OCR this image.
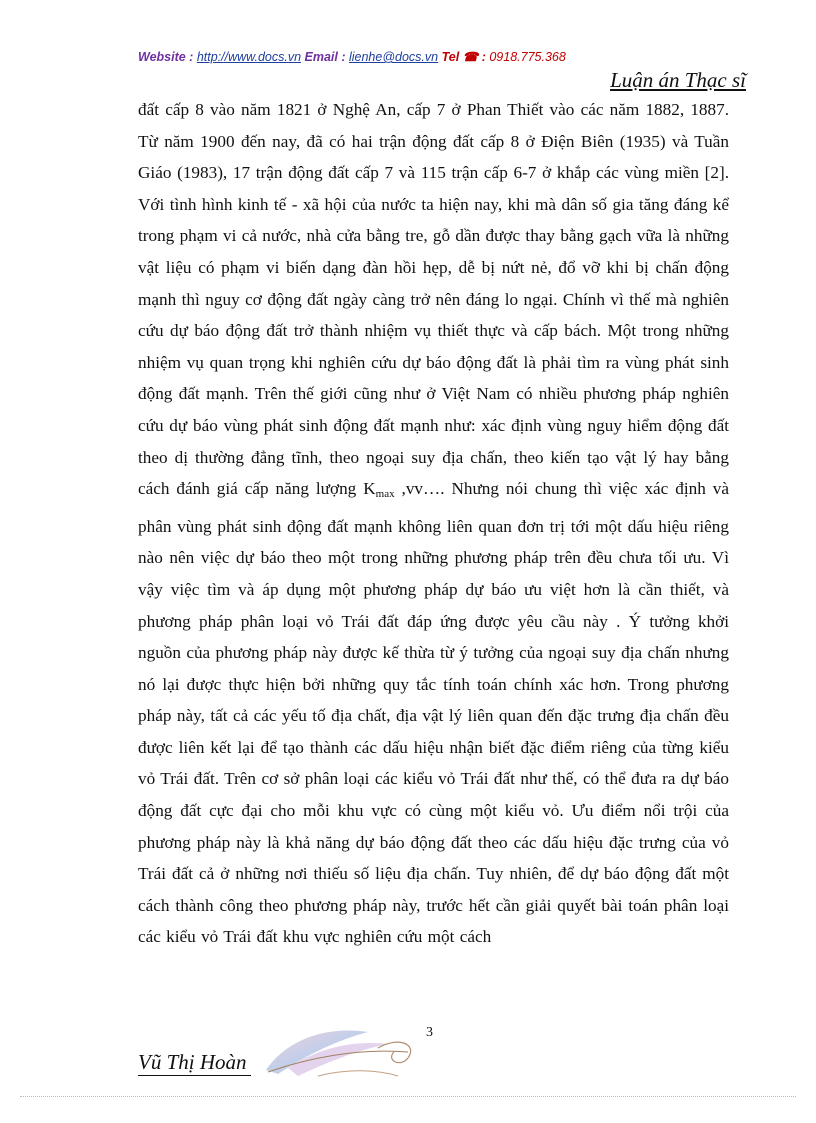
Website : http://www.docs.vn Email : lienhe@docs.vn Tel ☎ : 0918.775.368
Luận án Thạc sĩ

đất cấp 8 vào năm 1821 ở Nghệ An, cấp 7 ở Phan Thiết vào các năm 1882, 1887. Từ năm 1900 đến nay, đã có hai trận động đất cấp 8 ở Điện Biên (1935) và Tuần Giáo (1983), 17 trận động đất cấp 7 và 115 trận cấp 6-7 ở khắp các vùng miền [2]. Với tình hình kinh tế - xã hội của nước ta hiện nay, khi mà dân số gia tăng đáng kể trong phạm vi cả nước, nhà cửa bằng tre, gỗ dần được thay bằng gạch vữa là những vật liệu có phạm vi biến dạng đàn hồi hẹp, dễ bị nứt nẻ, đổ vỡ khi bị chấn động mạnh thì nguy cơ động đất ngày càng trở nên đáng lo ngại. Chính vì thế mà nghiên cứu dự báo động đất trở thành nhiệm vụ thiết thực và cấp bách. Một trong những nhiệm vụ quan trọng khi nghiên cứu dự báo động đất là phải tìm ra vùng phát sinh động đất mạnh. Trên thế giới cũng như ở Việt Nam có nhiều phương pháp nghiên cứu dự báo vùng phát sinh động đất mạnh như: xác định vùng nguy hiểm động đất theo dị thường đẳng tĩnh, theo ngoại suy địa chấn, theo kiến tạo vật lý hay bằng cách đánh giá cấp năng lượng $K_{max}$ ,vv…. Nhưng nói chung thì việc xác định và phân vùng phát sinh động đất mạnh không liên quan đơn trị tới một dấu hiệu riêng nào nên việc dự báo theo một trong những phương pháp trên đều chưa tối ưu. Vì vậy việc tìm và áp dụng một phương pháp dự báo ưu việt hơn là cần thiết, và phương pháp phân loại vỏ Trái đất đáp ứng được yêu cầu này . Ý tưởng khởi nguồn của phương pháp này được kế thừa từ ý tưởng của ngoại suy địa chấn nhưng nó lại được thực hiện bởi những quy tắc tính toán chính xác hơn. Trong phương pháp này, tất cả các yếu tố địa chất, địa vật lý liên quan đến đặc trưng địa chấn đều được liên kết lại để tạo thành các dấu hiệu nhận biết đặc điểm riêng của từng kiểu vỏ Trái đất. Trên cơ sở phân loại các kiểu vỏ Trái đất như thế, có thể đưa ra dự báo động đất cực đại cho mỗi khu vực có cùng một kiểu vỏ. Ưu điểm nổi trội của phương pháp này là khả năng dự báo động đất theo các dấu hiệu đặc trưng của vỏ Trái đất cả ở những nơi thiếu số liệu địa chấn. Tuy nhiên, để dự báo động đất một cách thành công theo phương pháp này, trước hết cần giải quyết bài toán phân loại các kiểu vỏ Trái đất khu vực nghiên cứu một cách

3
Vũ Thị Hoàn
